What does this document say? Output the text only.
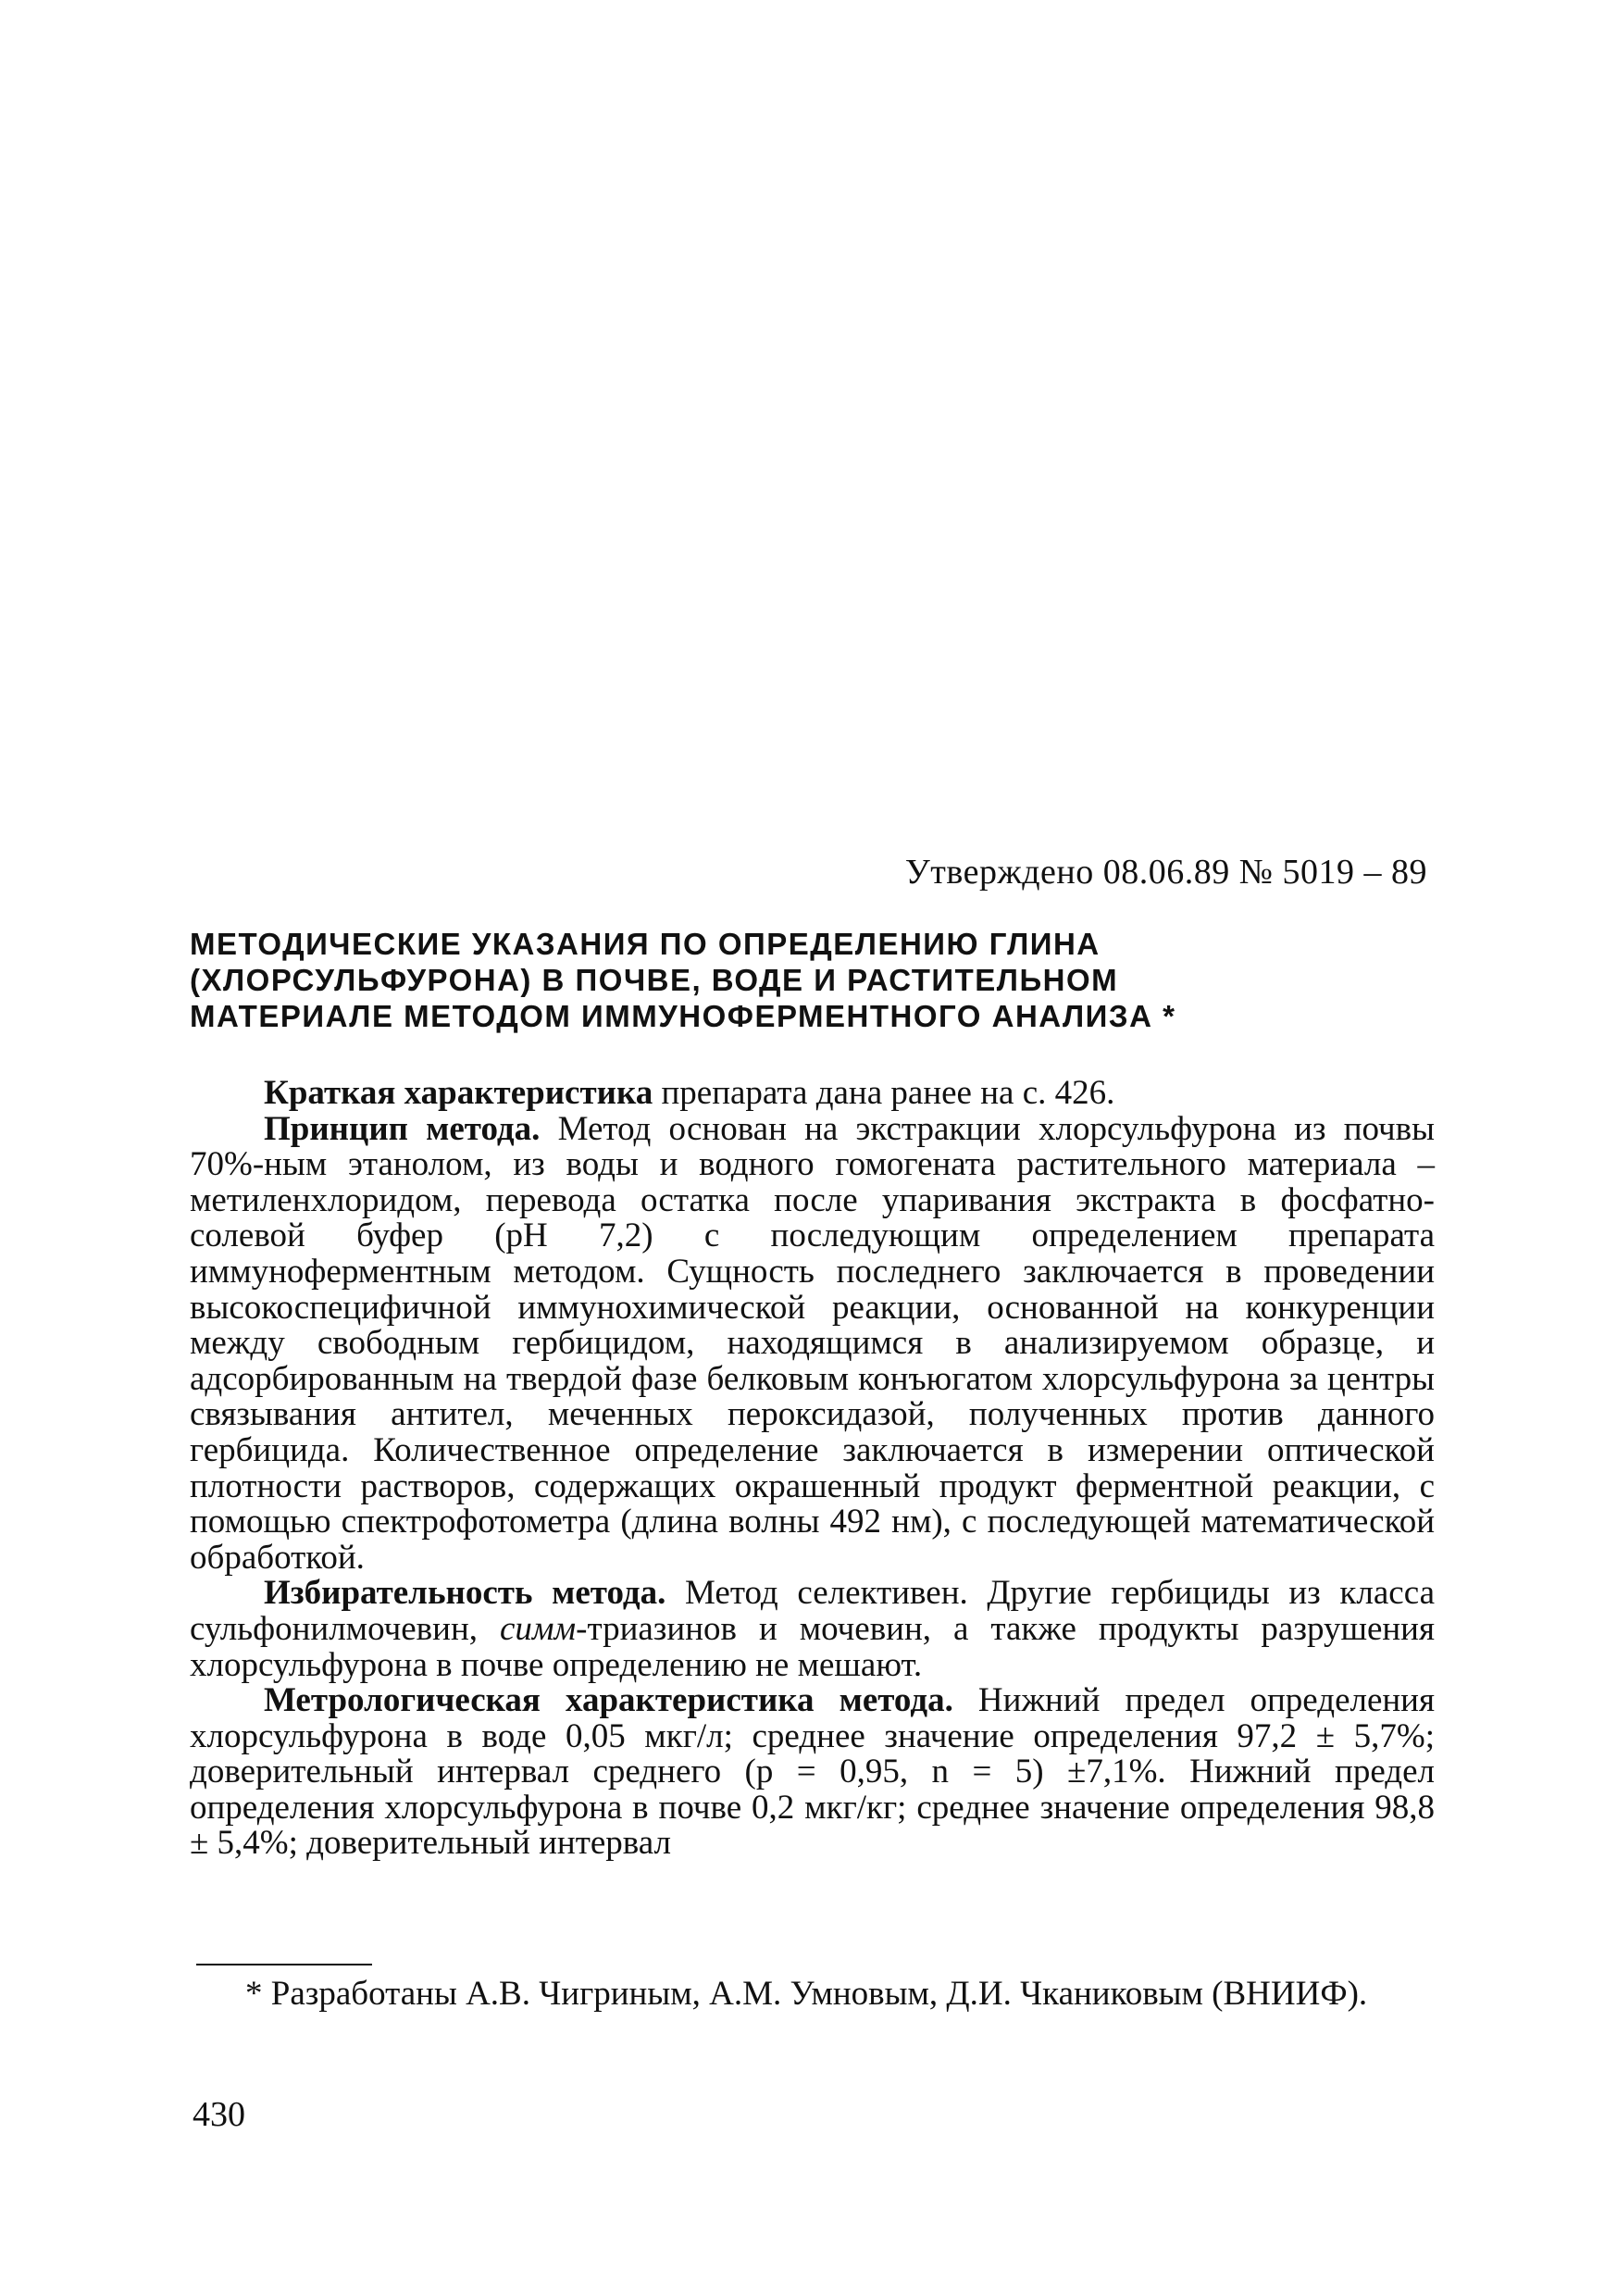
Утверждено 08.06.89 № 5019 – 89
МЕТОДИЧЕСКИЕ УКАЗАНИЯ ПО ОПРЕДЕЛЕНИЮ ГЛИНА
(ХЛОРСУЛЬФУРОНА) В ПОЧВЕ, ВОДЕ И РАСТИТЕЛЬНОМ
МАТЕРИАЛЕ МЕТОДОМ ИММУНОФЕРМЕНТНОГО АНАЛИЗА *

Краткая характеристика препарата дана ранее на с. 426.

Принцип метода. Метод основан на экстракции хлорсульфурона из почвы 70%-ным этанолом, из воды и водного гомогената растительного материала – метиленхлоридом, перевода остатка после упаривания экстракта в фосфатно-солевой буфер (pH 7,2) с последующим определением препарата иммуноферментным методом. Сущность последнего заключается в проведении высокоспецифичной иммунохимической реакции, основанной на конкуренции между свободным гербицидом, находящимся в анализируемом образце, и адсорбированным на твердой фазе белковым конъюгатом хлорсульфурона за центры связывания антител, меченных пероксидазой, полученных против данного гербицида. Количественное определение заключается в измерении оптической плотности растворов, содержащих окрашенный продукт ферментной реакции, с помощью спектрофотометра (длина волны 492 нм), с последующей математической обработкой.

Избирательность метода. Метод селективен. Другие гербициды из класса сульфонилмочевин, симм-триазинов и мочевин, а также продукты разрушения хлорсульфурона в почве определению не мешают.

Метрологическая характеристика метода. Нижний предел определения хлорсульфурона в воде 0,05 мкг/л; среднее значение определения 97,2 ± 5,7%; доверительный интервал среднего (p = 0,95, n = 5) ±7,1%. Нижний предел определения хлорсульфурона в почве 0,2 мкг/кг; среднее значение определения 98,8 ± 5,4%; доверительный интервал

* Разработаны А.В. Чигриным, А.М. Умновым, Д.И. Чканиковым (ВНИИФ).
430
